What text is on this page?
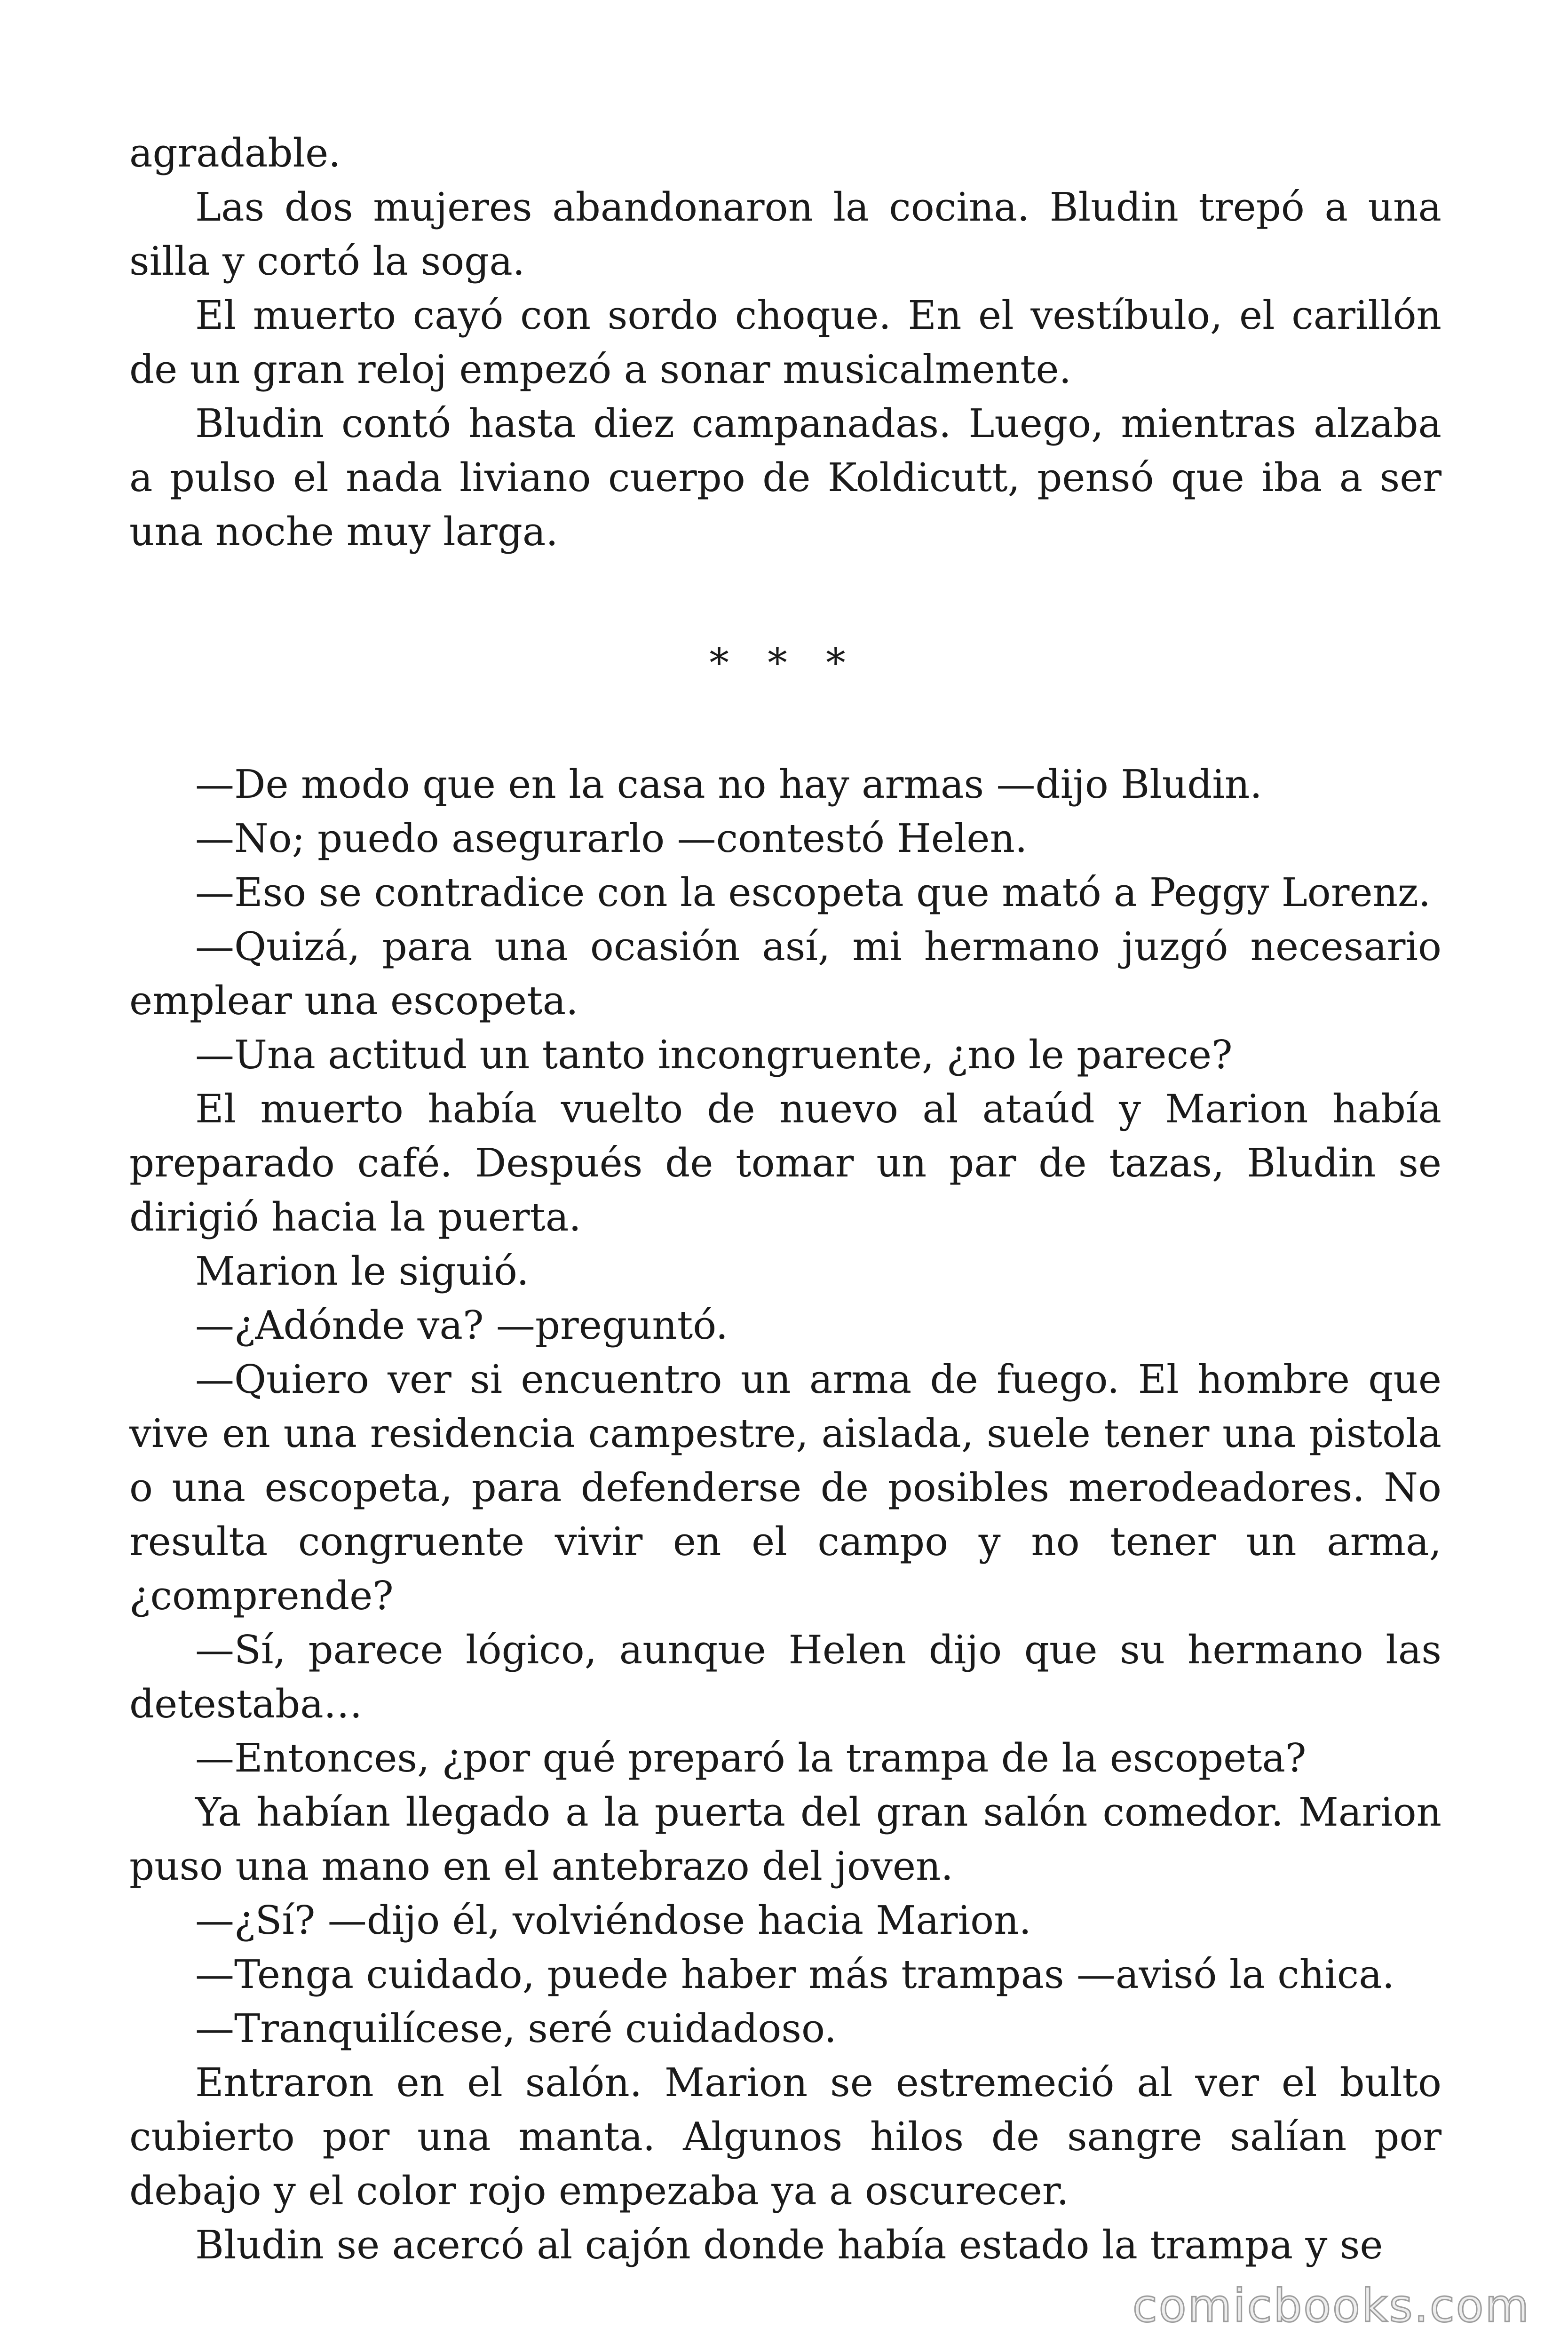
agradable.

Las dos mujeres abandonaron la cocina. Bludin trepó a una silla y cortó la soga.

El muerto cayó con sordo choque. En el vestíbulo, el carillón de un gran reloj empezó a sonar musicalmente.

Bludin contó hasta diez campanadas. Luego, mientras alzaba a pulso el nada liviano cuerpo de Koldicutt, pensó que iba a ser una noche muy larga.

* * *

—De modo que en la casa no hay armas —dijo Bludin.

—No; puedo asegurarlo —contestó Helen.

—Eso se contradice con la escopeta que mató a Peggy Lorenz.

—Quizá, para una ocasión así, mi hermano juzgó necesario emplear una escopeta.

—Una actitud un tanto incongruente, ¿no le parece?

El muerto había vuelto de nuevo al ataúd y Marion había preparado café. Después de tomar un par de tazas, Bludin se dirigió hacia la puerta.

Marion le siguió.

—¿Adónde va? —preguntó.

—Quiero ver si encuentro un arma de fuego. El hombre que vive en una residencia campestre, aislada, suele tener una pistola o una escopeta, para defenderse de posibles merodeadores. No resulta congruente vivir en el campo y no tener un arma, ¿comprende?

—Sí, parece lógico, aunque Helen dijo que su hermano las detestaba…

—Entonces, ¿por qué preparó la trampa de la escopeta?

Ya habían llegado a la puerta del gran salón comedor. Marion puso una mano en el antebrazo del joven.

—¿Sí? —dijo él, volviéndose hacia Marion.

—Tenga cuidado, puede haber más trampas —avisó la chica.

—Tranquilícese, seré cuidadoso.

Entraron en el salón. Marion se estremeció al ver el bulto cubierto por una manta. Algunos hilos de sangre salían por debajo y el color rojo empezaba ya a oscurecer.

Bludin se acercó al cajón donde había estado la trampa y se

comicbooks.com
